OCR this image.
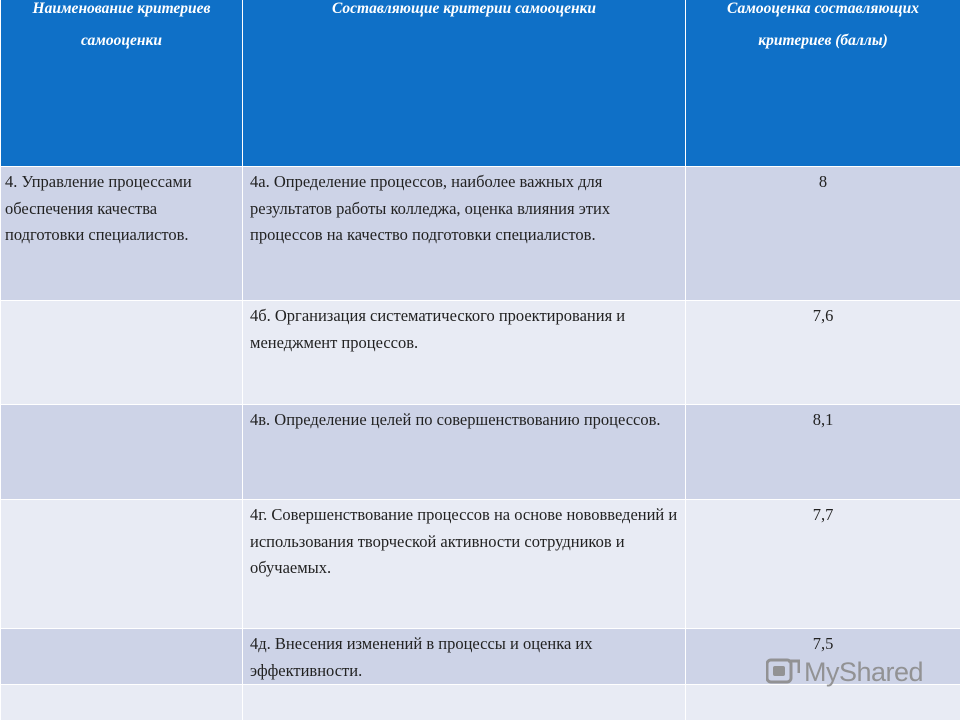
Наименование критериев самооценки	Составляющие критерии самооценки	Самооценка составляющих критериев (баллы)

4. Управление процессами обеспечения качества подготовки специалистов.	4а. Определение процессов, наиболее важных для результатов работы колледжа, оценка влияния этих процессов на качество подготовки специалистов.	8

	4б. Организация систематического проектирования и менеджмент процессов.	7,6

	4в. Определение целей по совершенствованию процессов.	8,1

	4г. Совершенствование процессов на основе нововведений и использования творческой активности сотрудников и обучаемых.	7,7

	4д. Внесения изменений в процессы и оценка их эффективности.	7,5

MyShared
